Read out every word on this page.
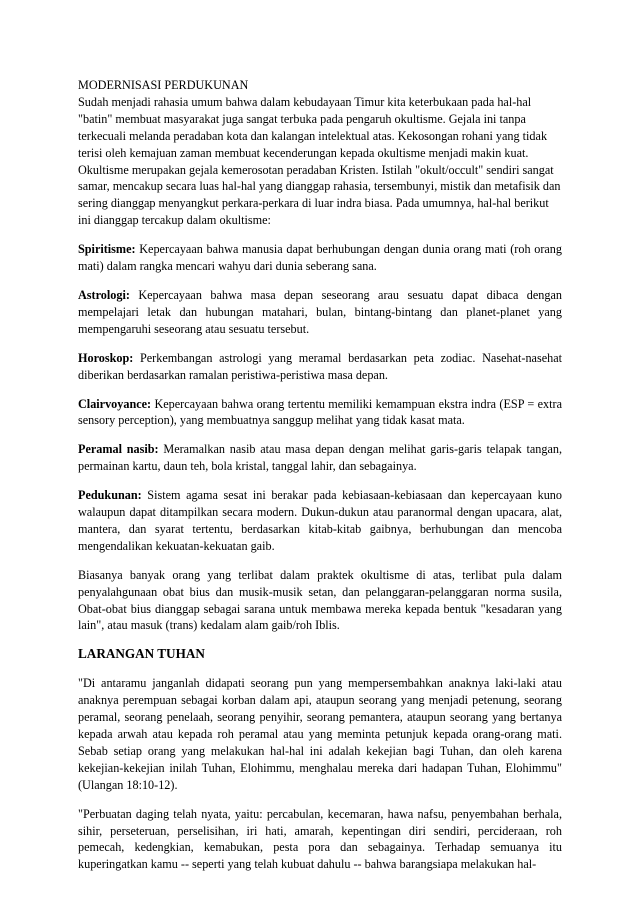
MODERNISASI PERDUKUNAN

Sudah menjadi rahasia umum bahwa dalam kebudayaan Timur kita keterbukaan pada hal-hal "batin" membuat masyarakat juga sangat terbuka pada pengaruh okultisme. Gejala ini tanpa terkecuali melanda peradaban kota dan kalangan intelektual atas. Kekosongan rohani yang tidak terisi oleh kemajuan zaman membuat kecenderungan kepada okultisme menjadi makin kuat. Okultisme merupakan gejala kemerosotan peradaban Kristen. Istilah "okult/occult" sendiri sangat samar, mencakup secara luas hal-hal yang dianggap rahasia, tersembunyi, mistik dan metafisik dan sering dianggap menyangkut perkara-perkara di luar indra biasa. Pada umumnya, hal-hal berikut ini dianggap tercakup dalam okultisme:

Spiritisme: Kepercayaan bahwa manusia dapat berhubungan dengan dunia orang mati (roh orang mati) dalam rangka mencari wahyu dari dunia seberang sana.

Astrologi: Kepercayaan bahwa masa depan seseorang arau sesuatu dapat dibaca dengan mempelajari letak dan hubungan matahari, bulan, bintang-bintang dan planet-planet yang mempengaruhi seseorang atau sesuatu tersebut.

Horoskop: Perkembangan astrologi yang meramal berdasarkan peta zodiac. Nasehat-nasehat diberikan berdasarkan ramalan peristiwa-peristiwa masa depan.

Clairvoyance: Kepercayaan bahwa orang tertentu memiliki kemampuan ekstra indra (ESP = extra sensory perception), yang membuatnya sanggup melihat yang tidak kasat mata.

Peramal nasib: Meramalkan nasib atau masa depan dengan melihat garis-garis telapak tangan, permainan kartu, daun teh, bola kristal, tanggal lahir, dan sebagainya.

Pedukunan: Sistem agama sesat ini berakar pada kebiasaan-kebiasaan dan kepercayaan kuno walaupun dapat ditampilkan secara modern. Dukun-dukun atau paranormal dengan upacara, alat, mantera, dan syarat tertentu, berdasarkan kitab-kitab gaibnya, berhubungan dan mencoba mengendalikan kekuatan-kekuatan gaib.

Biasanya banyak orang yang terlibat dalam praktek okultisme di atas, terlibat pula dalam penyalahgunaan obat bius dan musik-musik setan, dan pelanggaran-pelanggaran norma susila, Obat-obat bius dianggap sebagai sarana untuk membawa mereka kepada bentuk "kesadaran yang lain", atau masuk (trans) kedalam alam gaib/roh Iblis.

LARANGAN TUHAN

"Di antaramu janganlah didapati seorang pun yang mempersembahkan anaknya laki-laki atau anaknya perempuan sebagai korban dalam api, ataupun seorang yang menjadi petenung, seorang peramal, seorang penelaah, seorang penyihir, seorang pemantera, ataupun seorang yang bertanya kepada arwah atau kepada roh peramal atau yang meminta petunjuk kepada orang-orang mati. Sebab setiap orang yang melakukan hal-hal ini adalah kekejian bagi Tuhan, dan oleh karena kekejian-kekejian inilah Tuhan, Elohimmu, menghalau mereka dari hadapan Tuhan, Elohimmu" (Ulangan 18:10-12).

"Perbuatan daging telah nyata, yaitu: percabulan, kecemaran, hawa nafsu, penyembahan berhala, sihir, perseteruan, perselisihan, iri hati, amarah, kepentingan diri sendiri, percideraan, roh pemecah, kedengkian, kemabukan, pesta pora dan sebagainya. Terhadap semuanya itu kuperingatkan kamu -- seperti yang telah kubuat dahulu -- bahwa barangsiapa melakukan hal-
